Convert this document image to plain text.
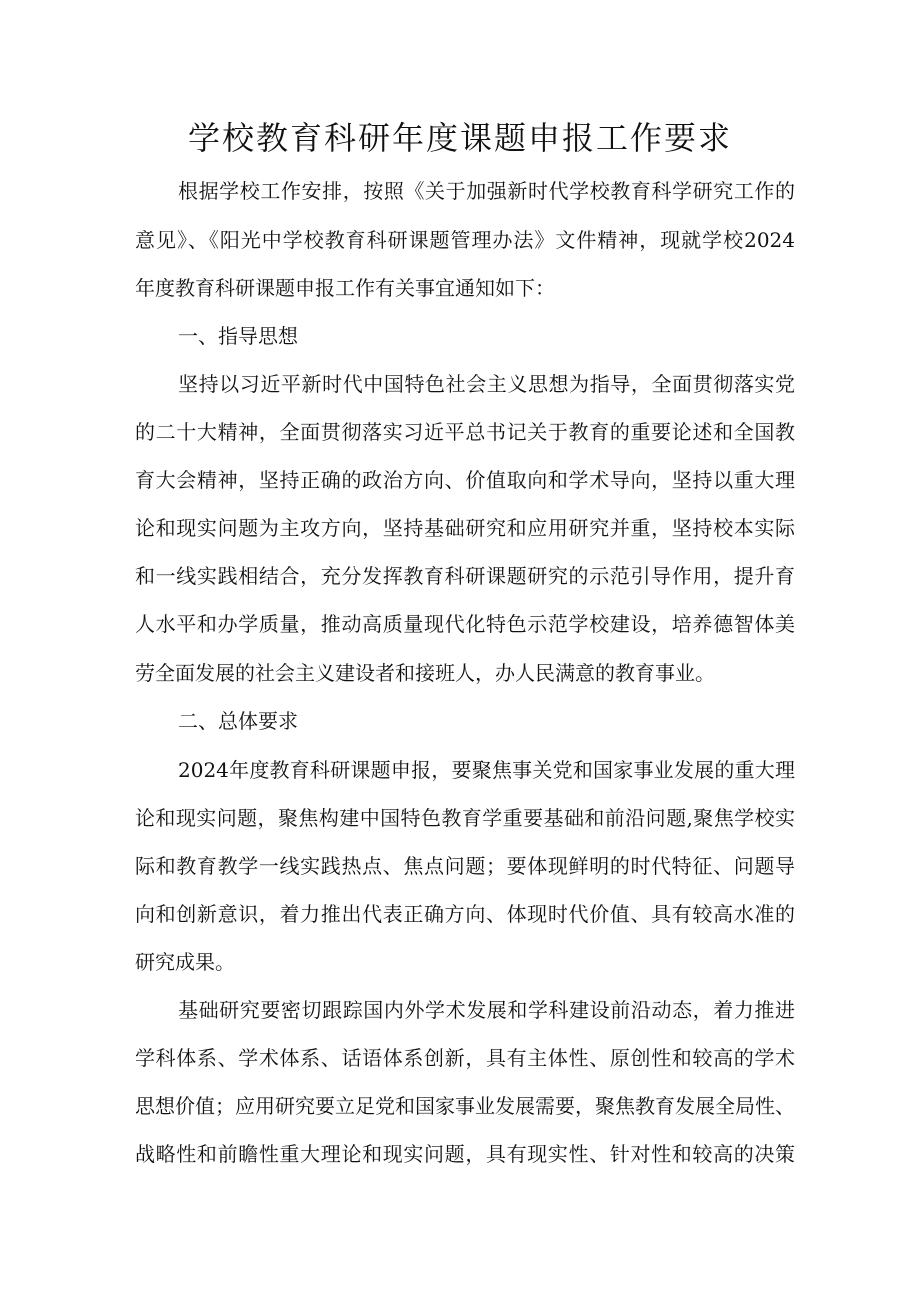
学校教育科研年度课题申报工作要求

根据学校工作安排，按照《关于加强新时代学校教育科学研究工作的

意见》、《阳光中学校教育科研课题管理办法》文件精神，现就学校2024

年度教育科研课题申报工作有关事宜通知如下：

一、指导思想

坚持以习近平新时代中国特色社会主义思想为指导，全面贯彻落实党

的二十大精神，全面贯彻落实习近平总书记关于教育的重要论述和全国教

育大会精神，坚持正确的政治方向、价值取向和学术导向，坚持以重大理

论和现实问题为主攻方向，坚持基础研究和应用研究并重，坚持校本实际

和一线实践相结合，充分发挥教育科研课题研究的示范引导作用，提升育

人水平和办学质量，推动高质量现代化特色示范学校建设，培养德智体美

劳全面发展的社会主义建设者和接班人，办人民满意的教育事业。

二、总体要求

2024年度教育科研课题申报，要聚焦事关党和国家事业发展的重大理

论和现实问题，聚焦构建中国特色教育学重要基础和前沿问题,聚焦学校实

际和教育教学一线实践热点、焦点问题；要体现鲜明的时代特征、问题导

向和创新意识，着力推出代表正确方向、体现时代价值、具有较高水准的

研究成果。

基础研究要密切跟踪国内外学术发展和学科建设前沿动态，着力推进

学科体系、学术体系、话语体系创新，具有主体性、原创性和较高的学术

思想价值；应用研究要立足党和国家事业发展需要，聚焦教育发展全局性、

战略性和前瞻性重大理论和现实问题，具有现实性、针对性和较高的决策
